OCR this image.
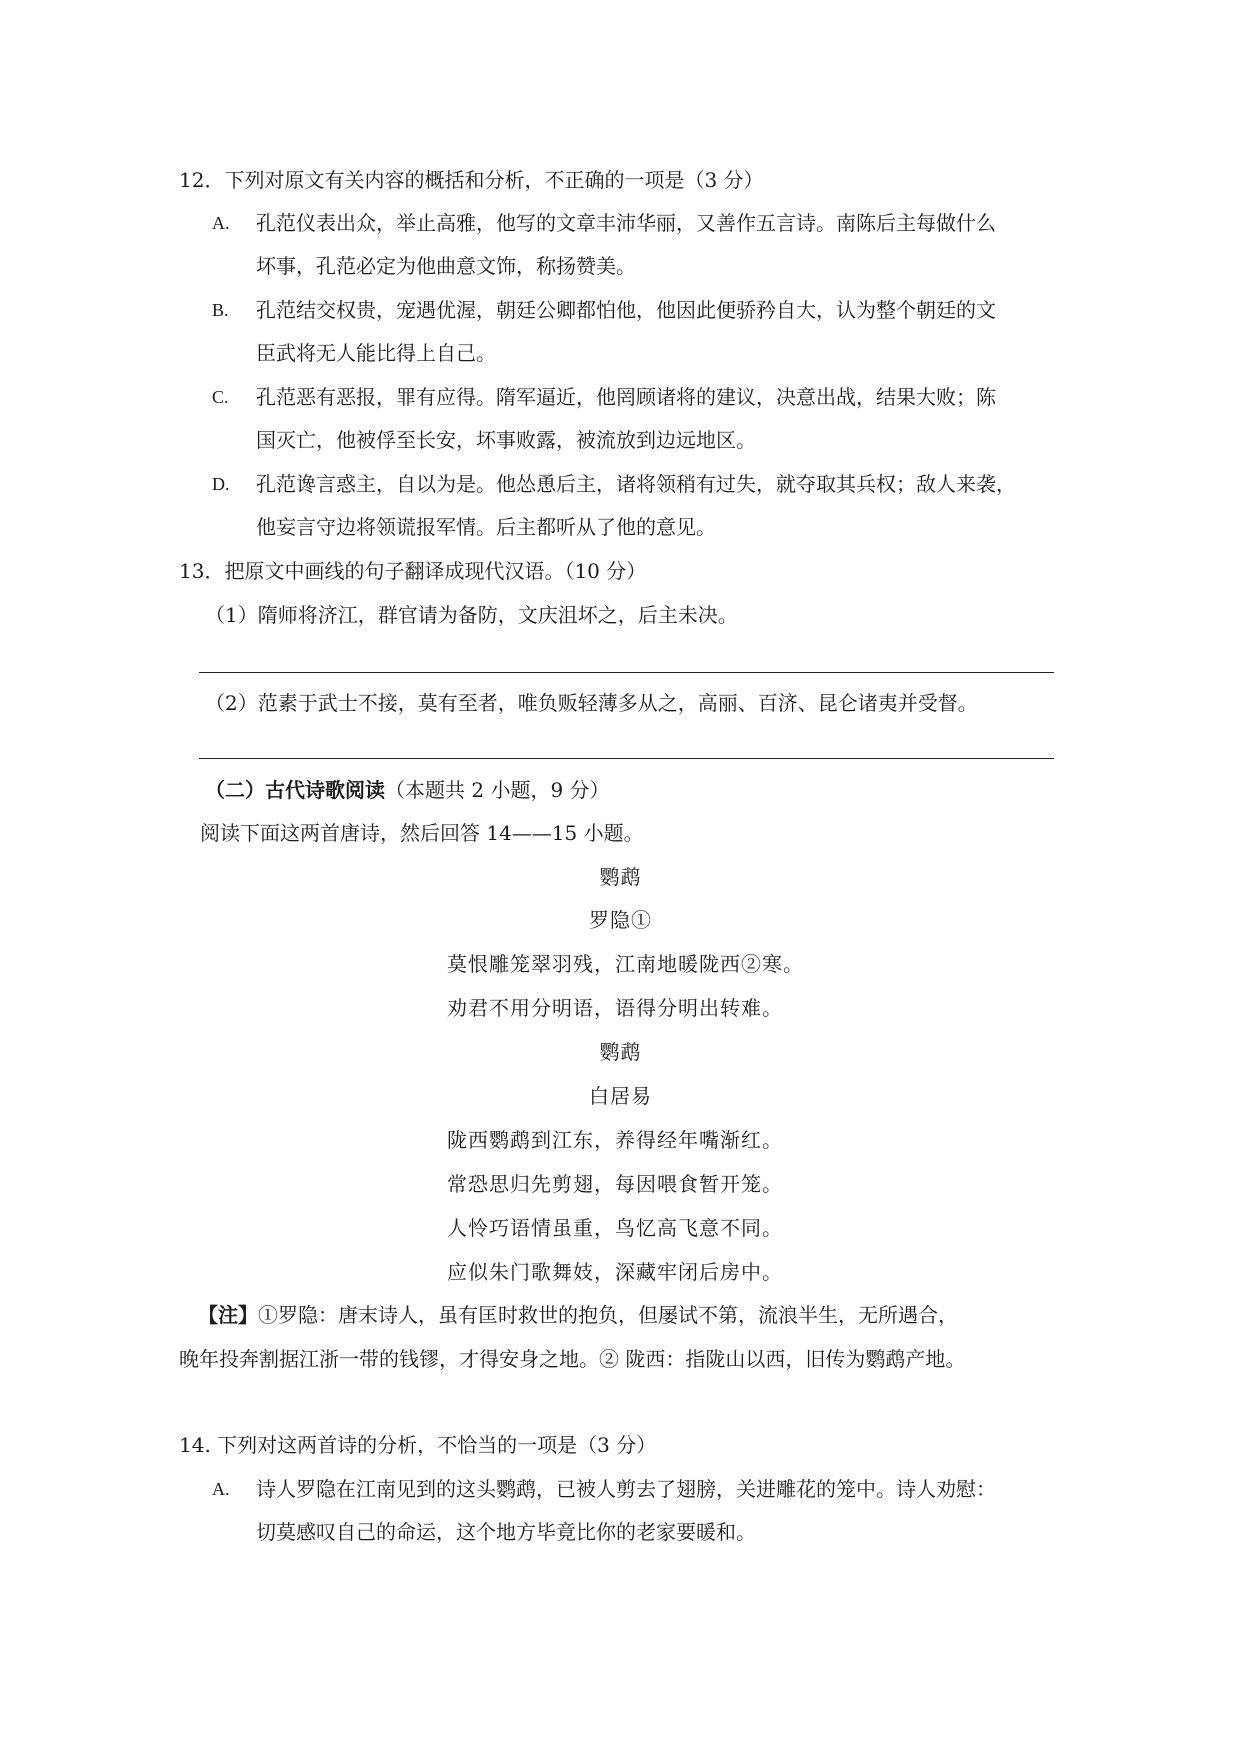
12．下列对原文有关内容的概括和分析，不正确的一项是（3 分）
A. 孔范仪表出众，举止高雅，他写的文章丰沛华丽，又善作五言诗。南陈后主每做什么
坏事，孔范必定为他曲意文饰，称扬赞美。
B. 孔范结交权贵，宠遇优渥，朝廷公卿都怕他，他因此便骄矜自大，认为整个朝廷的文
臣武将无人能比得上自己。
C. 孔范恶有恶报，罪有应得。隋军逼近，他罔顾诸将的建议，决意出战，结果大败；陈
国灭亡，他被俘至长安，坏事败露，被流放到边远地区。
D. 孔范谗言惑主，自以为是。他怂恿后主，诸将领稍有过失，就夺取其兵权；敌人来袭，
他妄言守边将领谎报军情。后主都听从了他的意见。
13．把原文中画线的句子翻译成现代汉语。（10 分）
（1）隋师将济江，群官请为备防，文庆沮坏之，后主未决。
（2）范素于武士不接，莫有至者，唯负贩轻薄多从之，高丽、百济、昆仑诸夷并受督。
（二）古代诗歌阅读（本题共 2 小题，9 分）
阅读下面这两首唐诗，然后回答 14——15 小题。
鹦鹉
罗隐①
莫恨雕笼翠羽残，江南地暖陇西②寒。
劝君不用分明语，语得分明出转难。
鹦鹉
白居易
陇西鹦鹉到江东，养得经年嘴渐红。
常恐思归先剪翅，每因喂食暂开笼。
人怜巧语情虽重，鸟忆高飞意不同。
应似朱门歌舞妓，深藏牢闭后房中。
【注】①罗隐：唐末诗人，虽有匡时救世的抱负，但屡试不第，流浪半生，无所遇合，
晚年投奔割据江浙一带的钱镠，才得安身之地。② 陇西：指陇山以西，旧传为鹦鹉产地。
14. 下列对这两首诗的分析，不恰当的一项是（3 分）
A. 诗人罗隐在江南见到的这头鹦鹉，已被人剪去了翅膀，关进雕花的笼中。诗人劝慰：
切莫感叹自己的命运，这个地方毕竟比你的老家要暖和。
